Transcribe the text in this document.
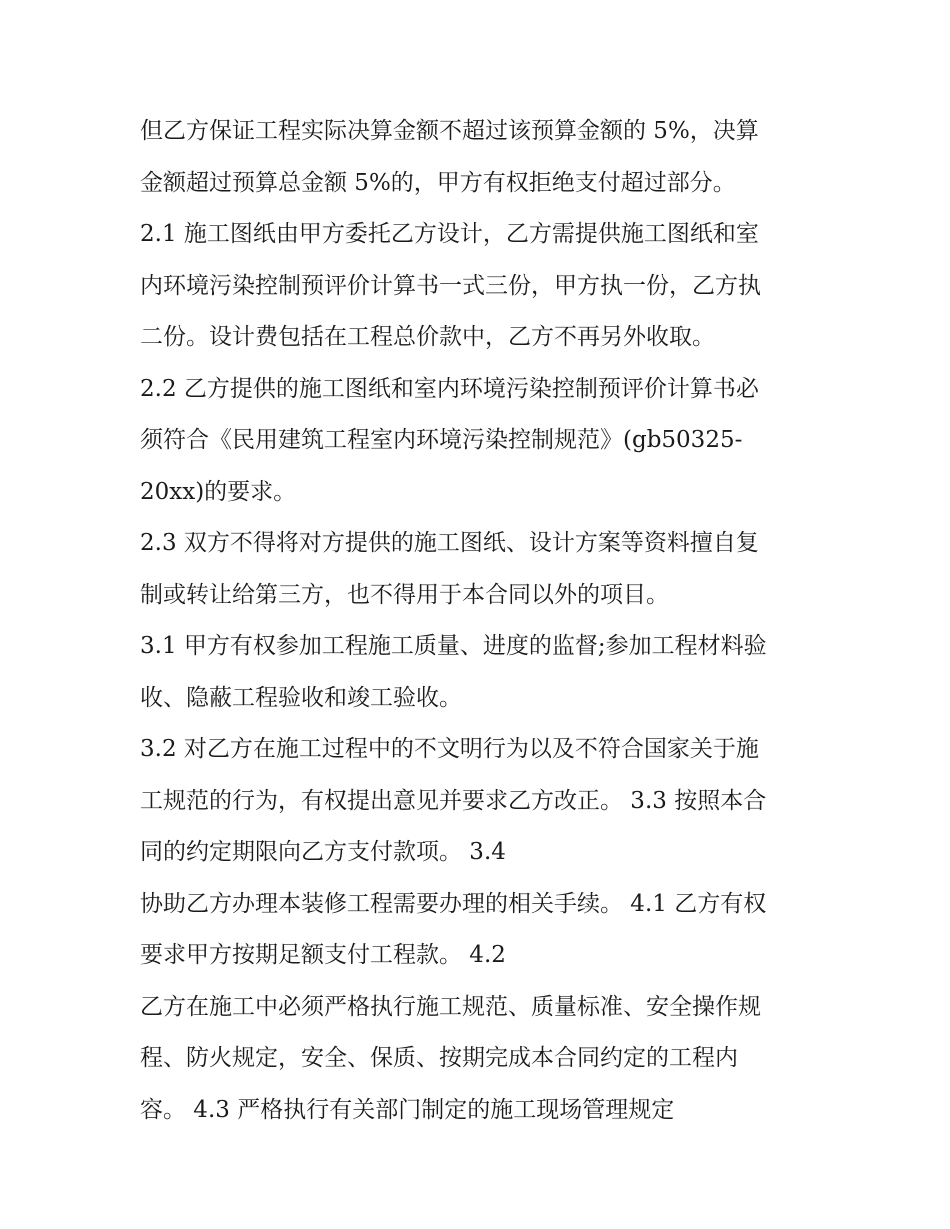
但乙方保证工程实际决算金额不超过该预算金额的 5%，决算
金额超过预算总金额 5%的，甲方有权拒绝支付超过部分。
2.1 施工图纸由甲方委托乙方设计，乙方需提供施工图纸和室
内环境污染控制预评价计算书一式三份，甲方执一份，乙方执
二份。设计费包括在工程总价款中，乙方不再另外收取。
2.2 乙方提供的施工图纸和室内环境污染控制预评价计算书必
须符合《民用建筑工程室内环境污染控制规范》(gb50325-
20xx)的要求。
2.3 双方不得将对方提供的施工图纸、设计方案等资料擅自复
制或转让给第三方，也不得用于本合同以外的项目。
3.1 甲方有权参加工程施工质量、进度的监督;参加工程材料验
收、隐蔽工程验收和竣工验收。
3.2 对乙方在施工过程中的不文明行为以及不符合国家关于施
工规范的行为，有权提出意见并要求乙方改正。 3.3 按照本合
同的约定期限向乙方支付款项。 3.4
协助乙方办理本装修工程需要办理的相关手续。 4.1 乙方有权
要求甲方按期足额支付工程款。 4.2
乙方在施工中必须严格执行施工规范、质量标准、安全操作规
程、防火规定，安全、保质、按期完成本合同约定的工程内
容。 4.3 严格执行有关部门制定的施工现场管理规定
